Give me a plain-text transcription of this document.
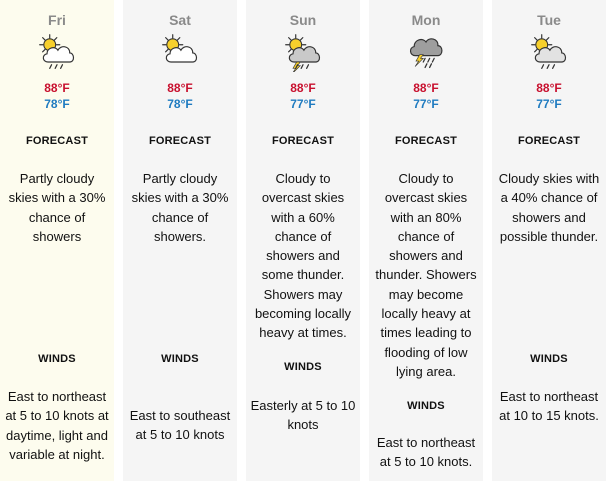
Fri
88°F
78°F
FORECAST
Partly cloudy skies with a 30% chance of showers
WINDS
East to northeast at 5 to 10 knots at daytime, light and variable at night.
Sat
88°F
78°F
FORECAST
Partly cloudy skies with a 30% chance of showers.
WINDS
East to southeast at 5 to 10 knots
Sun
88°F
77°F
FORECAST
Cloudy to overcast skies with a 60% chance of showers and some thunder. Showers may becoming locally heavy at times.
WINDS
Easterly at 5 to 10 knots
Mon
88°F
77°F
FORECAST
Cloudy to overcast skies with an 80% chance of showers and thunder. Showers may become locally heavy at times leading to flooding of low lying area.
WINDS
East to northeast at 5 to 10 knots.
Tue
88°F
77°F
FORECAST
Cloudy skies with a 40% chance of showers and possible thunder.
WINDS
East to northeast at 10 to 15 knots.
